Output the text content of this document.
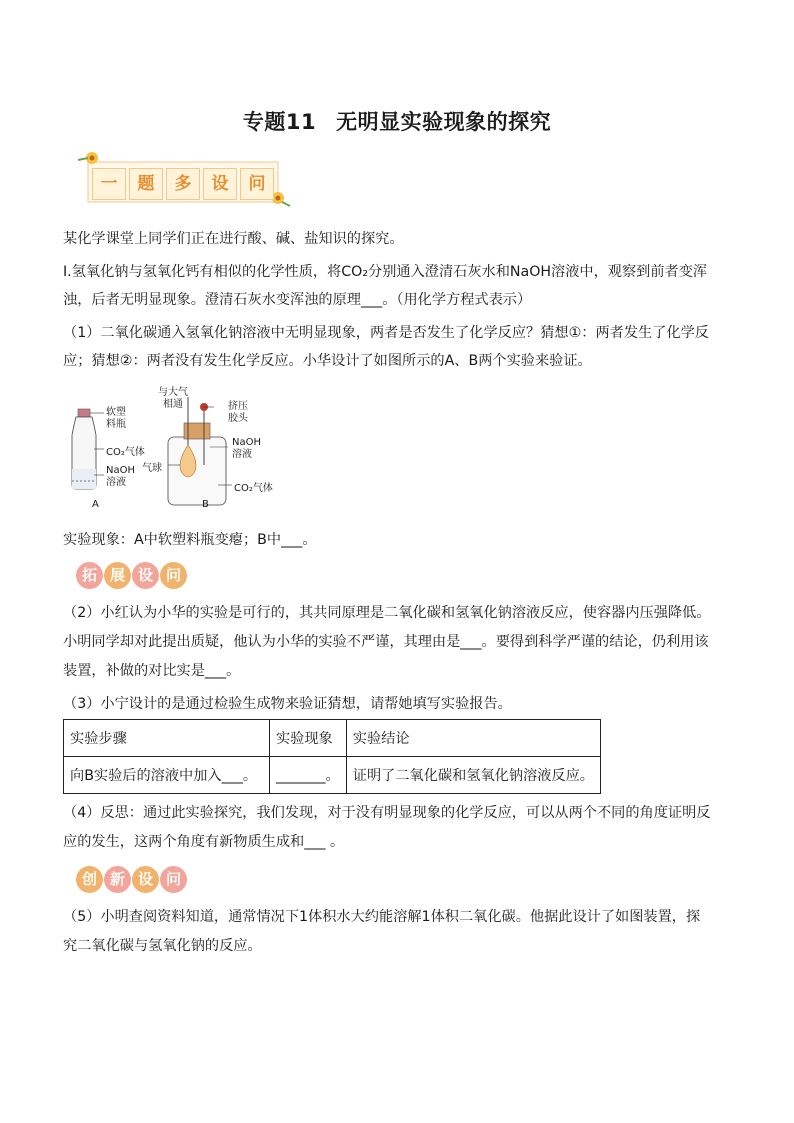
专题11 无明显实验现象的探究
一	题	多	设	问
某化学课堂上同学们正在进行酸、碱、盐知识的探究。
I.氢氧化钠与氢氧化钙有相似的化学性质，将CO₂分别通入澄清石灰水和NaOH溶液中，观察到前者变浑
浊，后者无明显现象。澄清石灰水变浑浊的原理___。（用化学方程式表示）
（1）二氧化碳通入氢氧化钠溶液中无明显现象，两者是否发生了化学反应？猜想①：两者发生了化学反
应；猜想②：两者没有发生化学反应。小华设计了如图所示的A、B两个实验来验证。
软塑
料瓶
CO₂气体
NaOH
溶液
A
与大气
相通	挤压
胶头
NaOH
溶液
气球
CO₂气体
B
实验现象：A中软塑料瓶变瘪；B中___。
拓 展 设 问
（2）小红认为小华的实验是可行的，其共同原理是二氧化碳和氢氧化钠溶液反应，使容器内压强降低。
小明同学却对此提出质疑，他认为小华的实验不严谨，其理由是___。要得到科学严谨的结论，仍利用该
装置，补做的对比实是___。
（3）小宁设计的是通过检验生成物来验证猜想，请帮她填写实验报告。
实验步骤	实验现象	实验结论
向B实验后的溶液中加入___。	_______。	证明了二氧化碳和氢氧化钠溶液反应。
（4）反思：通过此实验探究，我们发现，对于没有明显现象的化学反应，可以从两个不同的角度证明反
应的发生，这两个角度有新物质生成和___ 。
创 新 设 问
（5）小明查阅资料知道，通常情况下1体积水大约能溶解1体积二氧化碳。他据此设计了如图装置，探
究二氧化碳与氢氧化钠的反应。
